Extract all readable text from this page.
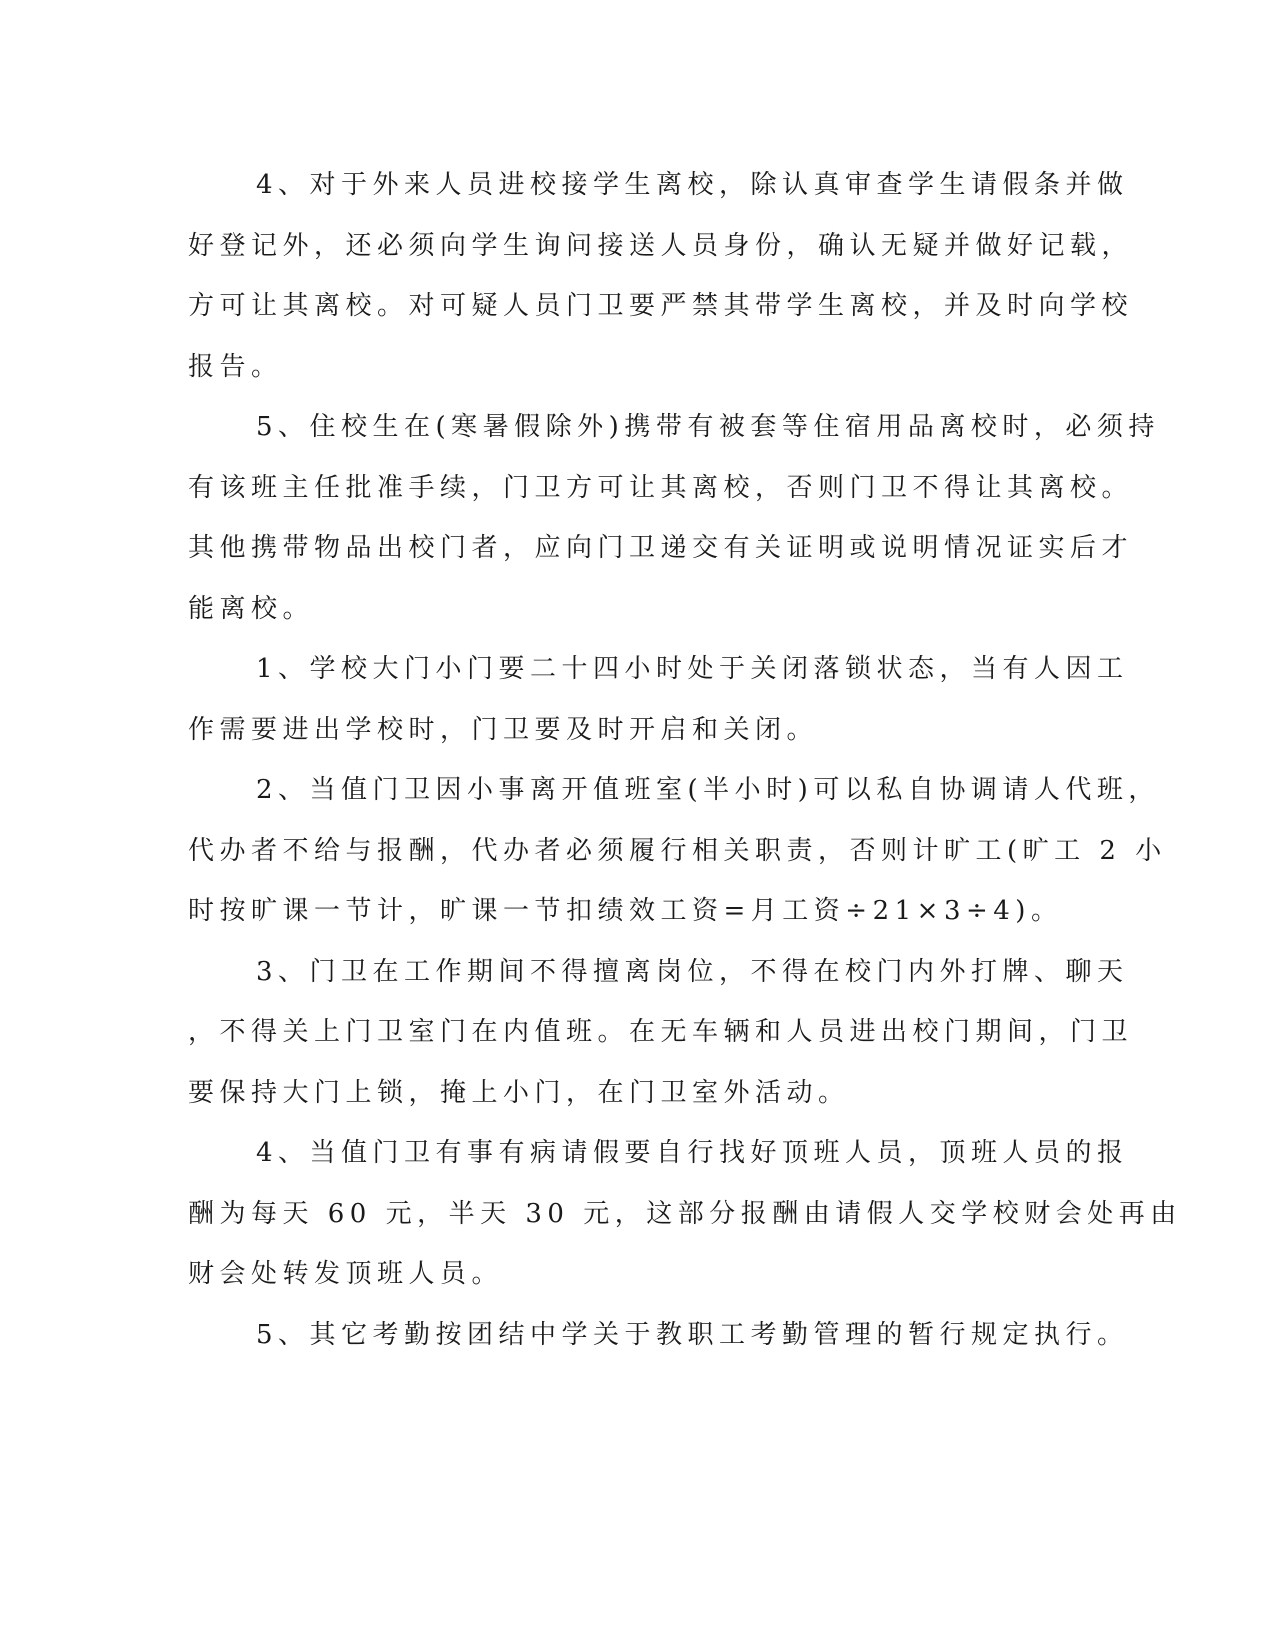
4、对于外来人员进校接学生离校，除认真审查学生请假条并做
好登记外，还必须向学生询问接送人员身份，确认无疑并做好记载，
方可让其离校。对可疑人员门卫要严禁其带学生离校，并及时向学校
报告。

5、住校生在(寒暑假除外)携带有被套等住宿用品离校时，必须持
有该班主任批准手续，门卫方可让其离校，否则门卫不得让其离校。
其他携带物品出校门者，应向门卫递交有关证明或说明情况证实后才
能离校。

1、学校大门小门要二十四小时处于关闭落锁状态，当有人因工
作需要进出学校时，门卫要及时开启和关闭。

2、当值门卫因小事离开值班室(半小时)可以私自协调请人代班，
代办者不给与报酬，代办者必须履行相关职责，否则计旷工(旷工 2 小
时按旷课一节计，旷课一节扣绩效工资=月工资÷21×3÷4)。

3、门卫在工作期间不得擅离岗位，不得在校门内外打牌、聊天
，不得关上门卫室门在内值班。在无车辆和人员进出校门期间，门卫
要保持大门上锁，掩上小门，在门卫室外活动。

4、当值门卫有事有病请假要自行找好顶班人员，顶班人员的报
酬为每天 60 元，半天 30 元，这部分报酬由请假人交学校财会处再由
财会处转发顶班人员。

5、其它考勤按团结中学关于教职工考勤管理的暂行规定执行。
